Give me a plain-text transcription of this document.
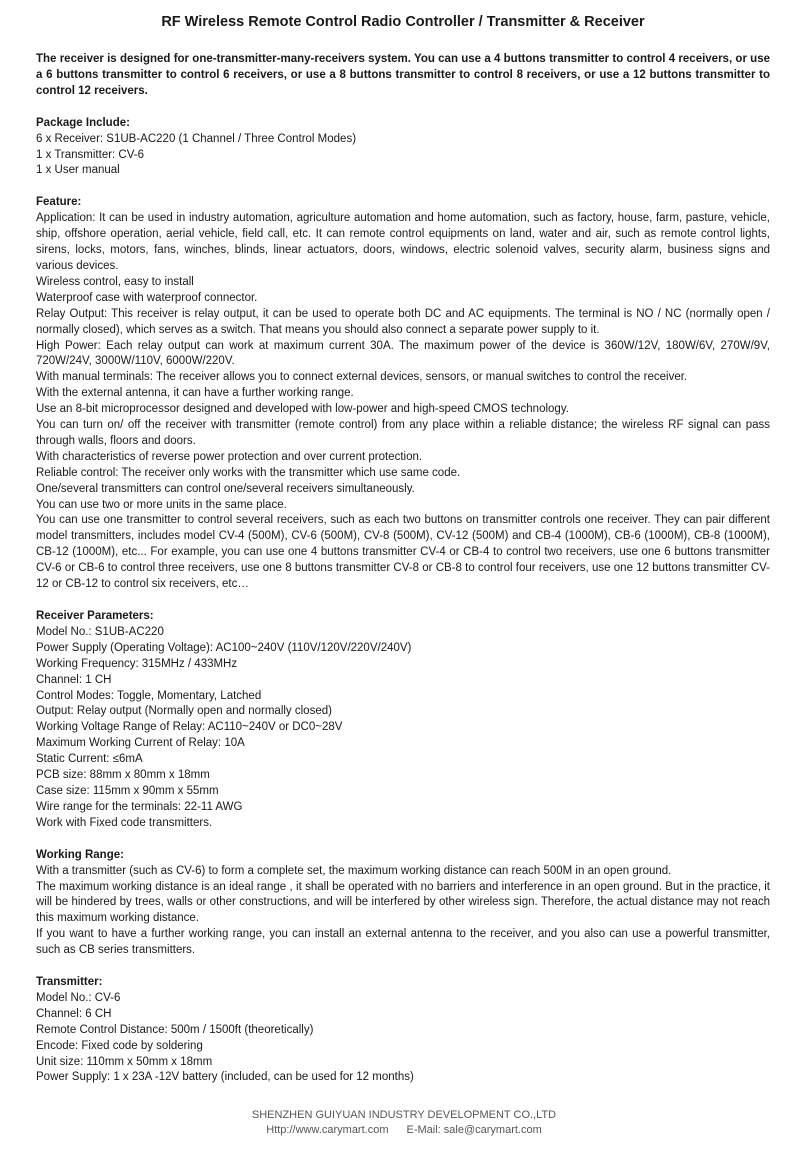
RF Wireless Remote Control Radio Controller / Transmitter & Receiver
The receiver is designed for one-transmitter-many-receivers system. You can use a 4 buttons transmitter to control 4 receivers, or use a 6 buttons transmitter to control 6 receivers, or use a 8 buttons transmitter to control 8 receivers, or use a 12 buttons transmitter to control 12 receivers.
Package Include:
6 x Receiver: S1UB-AC220 (1 Channel / Three Control Modes)
1 x Transmitter: CV-6
1 x User manual
Feature:
Application: It can be used in industry automation, agriculture automation and home automation, such as factory, house, farm, pasture, vehicle, ship, offshore operation, aerial vehicle, field call, etc. It can remote control equipments on land, water and air, such as remote control lights, sirens, locks, motors, fans, winches, blinds, linear actuators, doors, windows, electric solenoid valves, security alarm, business signs and various devices.
Wireless control, easy to install
Waterproof case with waterproof connector.
Relay Output: This receiver is relay output, it can be used to operate both DC and AC equipments. The terminal is NO / NC (normally open / normally closed), which serves as a switch. That means you should also connect a separate power supply to it.
High Power: Each relay output can work at maximum current 30A. The maximum power of the device is 360W/12V, 180W/6V, 270W/9V, 720W/24V, 3000W/110V, 6000W/220V.
With manual terminals: The receiver allows you to connect external devices, sensors, or manual switches to control the receiver.
With the external antenna, it can have a further working range.
Use an 8-bit microprocessor designed and developed with low-power and high-speed CMOS technology.
You can turn on/ off the receiver with transmitter (remote control) from any place within a reliable distance; the wireless RF signal can pass through walls, floors and doors.
With characteristics of reverse power protection and over current protection.
Reliable control: The receiver only works with the transmitter which use same code.
One/several transmitters can control one/several receivers simultaneously.
You can use two or more units in the same place.
You can use one transmitter to control several receivers, such as each two buttons on transmitter controls one receiver. They can pair different model transmitters, includes model CV-4 (500M), CV-6 (500M), CV-8 (500M), CV-12 (500M) and CB-4 (1000M), CB-6 (1000M), CB-8 (1000M), CB-12 (1000M), etc... For example, you can use one 4 buttons transmitter CV-4 or CB-4 to control two receivers, use one 6 buttons transmitter CV-6 or CB-6 to control three receivers, use one 8 buttons transmitter CV-8 or CB-8 to control four receivers, use one 12 buttons transmitter CV-12 or CB-12 to control six receivers, etc…
Receiver Parameters:
Model No.: S1UB-AC220
Power Supply (Operating Voltage): AC100~240V (110V/120V/220V/240V)
Working Frequency: 315MHz / 433MHz
Channel: 1 CH
Control Modes: Toggle, Momentary, Latched
Output: Relay output (Normally open and normally closed)
Working Voltage Range of Relay: AC110~240V or DC0~28V
Maximum Working Current of Relay: 10A
Static Current: ≤6mA
PCB size: 88mm x 80mm x 18mm
Case size: 115mm x 90mm x 55mm
Wire range for the terminals: 22-11 AWG
Work with Fixed code transmitters.
Working Range:
With a transmitter (such as CV-6) to form a complete set, the maximum working distance can reach 500M in an open ground.
The maximum working distance is an ideal range , it shall be operated with no barriers and interference in an open ground. But in the practice, it will be hindered by trees, walls or other constructions, and will be interfered by other wireless sign. Therefore, the actual distance may not reach this maximum working distance.
If you want to have a further working range, you can install an external antenna to the receiver, and you also can use a powerful transmitter, such as CB series transmitters.
Transmitter:
Model No.: CV-6
Channel: 6 CH
Remote Control Distance: 500m / 1500ft (theoretically)
Encode: Fixed code by soldering
Unit size: 110mm x 50mm x 18mm
Power Supply: 1 x 23A -12V battery (included, can be used for 12 months)
SHENZHEN GUIYUAN INDUSTRY DEVELOPMENT CO.,LTD
Http://www.carymart.com E-Mail: sale@carymart.com
